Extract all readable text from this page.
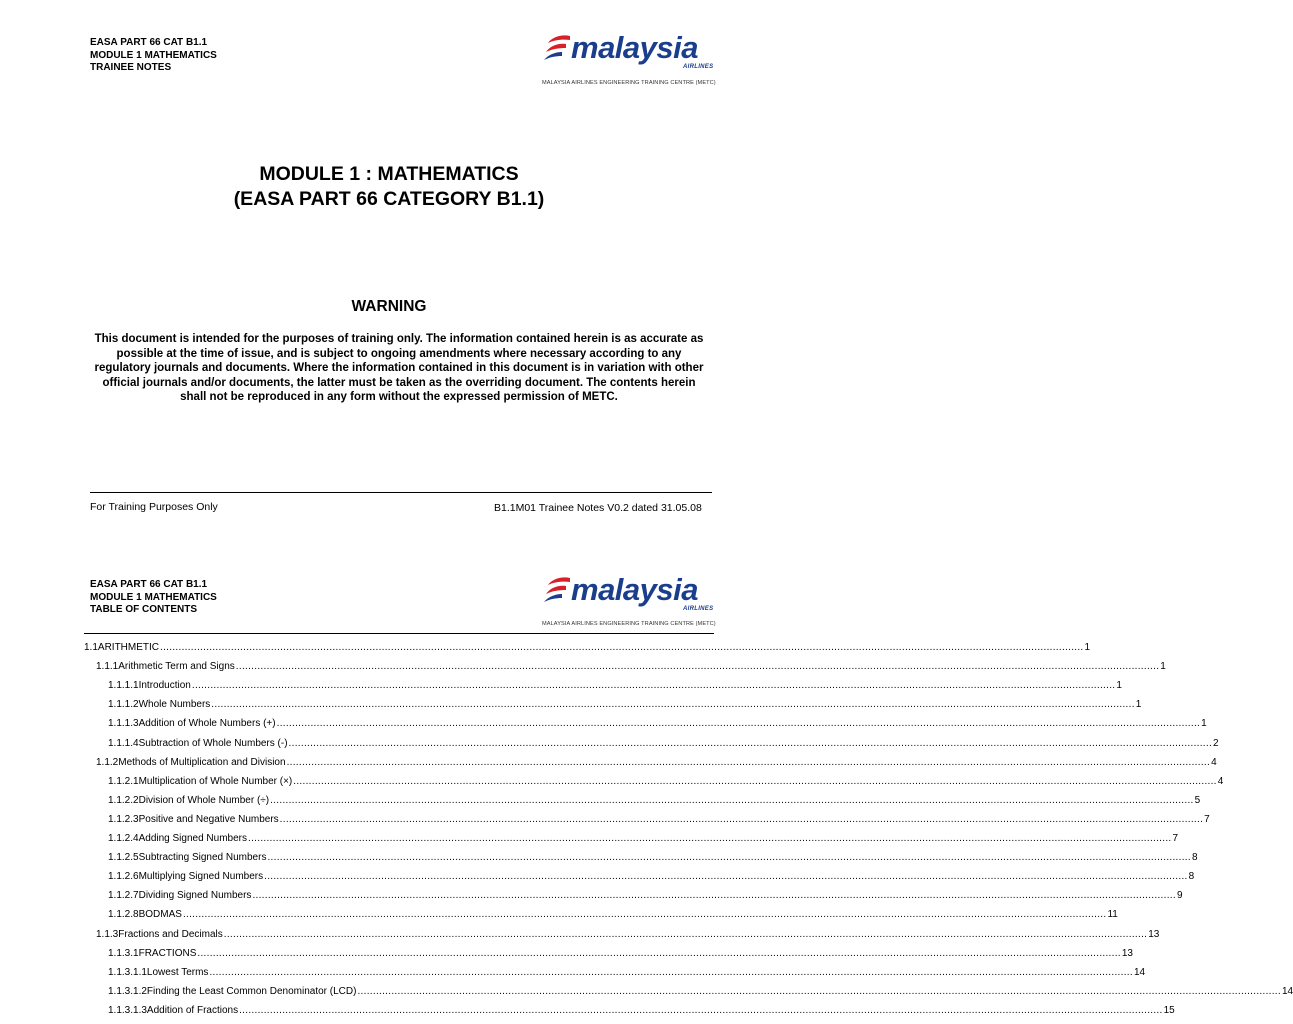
EASA PART 66 CAT B1.1
MODULE 1 MATHEMATICS
TRAINEE NOTES
malaysia
AIRLINES
MALAYSIA AIRLINES ENGINEERING TRAINING CENTRE (METC)
MODULE 1 : MATHEMATICS
(EASA PART 66 CATEGORY B1.1)
WARNING
This document is intended for the purposes of training only. The information contained herein is as accurate as possible at the time of issue, and is subject to ongoing amendments where necessary according to any regulatory journals and documents. Where the information contained in this document is in variation with other official journals and/or documents, the latter must be taken as the overriding document. The contents herein shall not be reproduced in any form without the expressed permission of METC.
For Training Purposes Only	B1.1M01 Trainee Notes V0.2 dated 31.05.08
EASA PART 66 CAT B1.1
MODULE 1 MATHEMATICS
TABLE OF CONTENTS
malaysia
AIRLINES
MALAYSIA AIRLINES ENGINEERING TRAINING CENTRE (METC)
1.1 ARITHMETIC ............................................................................................................................................................................................................................................................................................................ 1
1.1.1 Arithmetic Term and Signs ............................................................................................................................................................................................................................................................................................................ 1
1.1.1.1 Introduction ............................................................................................................................................................................................................................................................................................................ 1
1.1.1.2 Whole Numbers ............................................................................................................................................................................................................................................................................................................ 1
1.1.1.3 Addition of Whole Numbers (+) ............................................................................................................................................................................................................................................................................................................ 1
1.1.1.4 Subtraction of Whole Numbers (-) ............................................................................................................................................................................................................................................................................................................ 2
1.1.2 Methods of Multiplication and Division ............................................................................................................................................................................................................................................................................................................ 4
1.1.2.1 Multiplication of Whole Number (×) ............................................................................................................................................................................................................................................................................................................ 4
1.1.2.2 Division of Whole Number (÷) ............................................................................................................................................................................................................................................................................................................ 5
1.1.2.3 Positive and Negative Numbers ............................................................................................................................................................................................................................................................................................................ 7
1.1.2.4 Adding Signed Numbers ............................................................................................................................................................................................................................................................................................................ 7
1.1.2.5 Subtracting Signed Numbers ............................................................................................................................................................................................................................................................................................................ 8
1.1.2.6 Multiplying Signed Numbers ............................................................................................................................................................................................................................................................................................................ 8
1.1.2.7 Dividing Signed Numbers ............................................................................................................................................................................................................................................................................................................ 9
1.1.2.8 BODMAS ............................................................................................................................................................................................................................................................................................................ 11
1.1.3 Fractions and Decimals ............................................................................................................................................................................................................................................................................................................ 13
1.1.3.1 FRACTIONS ............................................................................................................................................................................................................................................................................................................ 13
1.1.3.1.1 Lowest Terms ............................................................................................................................................................................................................................................................................................................ 14
1.1.3.1.2 Finding the Least Common Denominator (LCD) ............................................................................................................................................................................................................................................................................................................ 14
1.1.3.1.3 Addition of Fractions ............................................................................................................................................................................................................................................................................................................ 15
